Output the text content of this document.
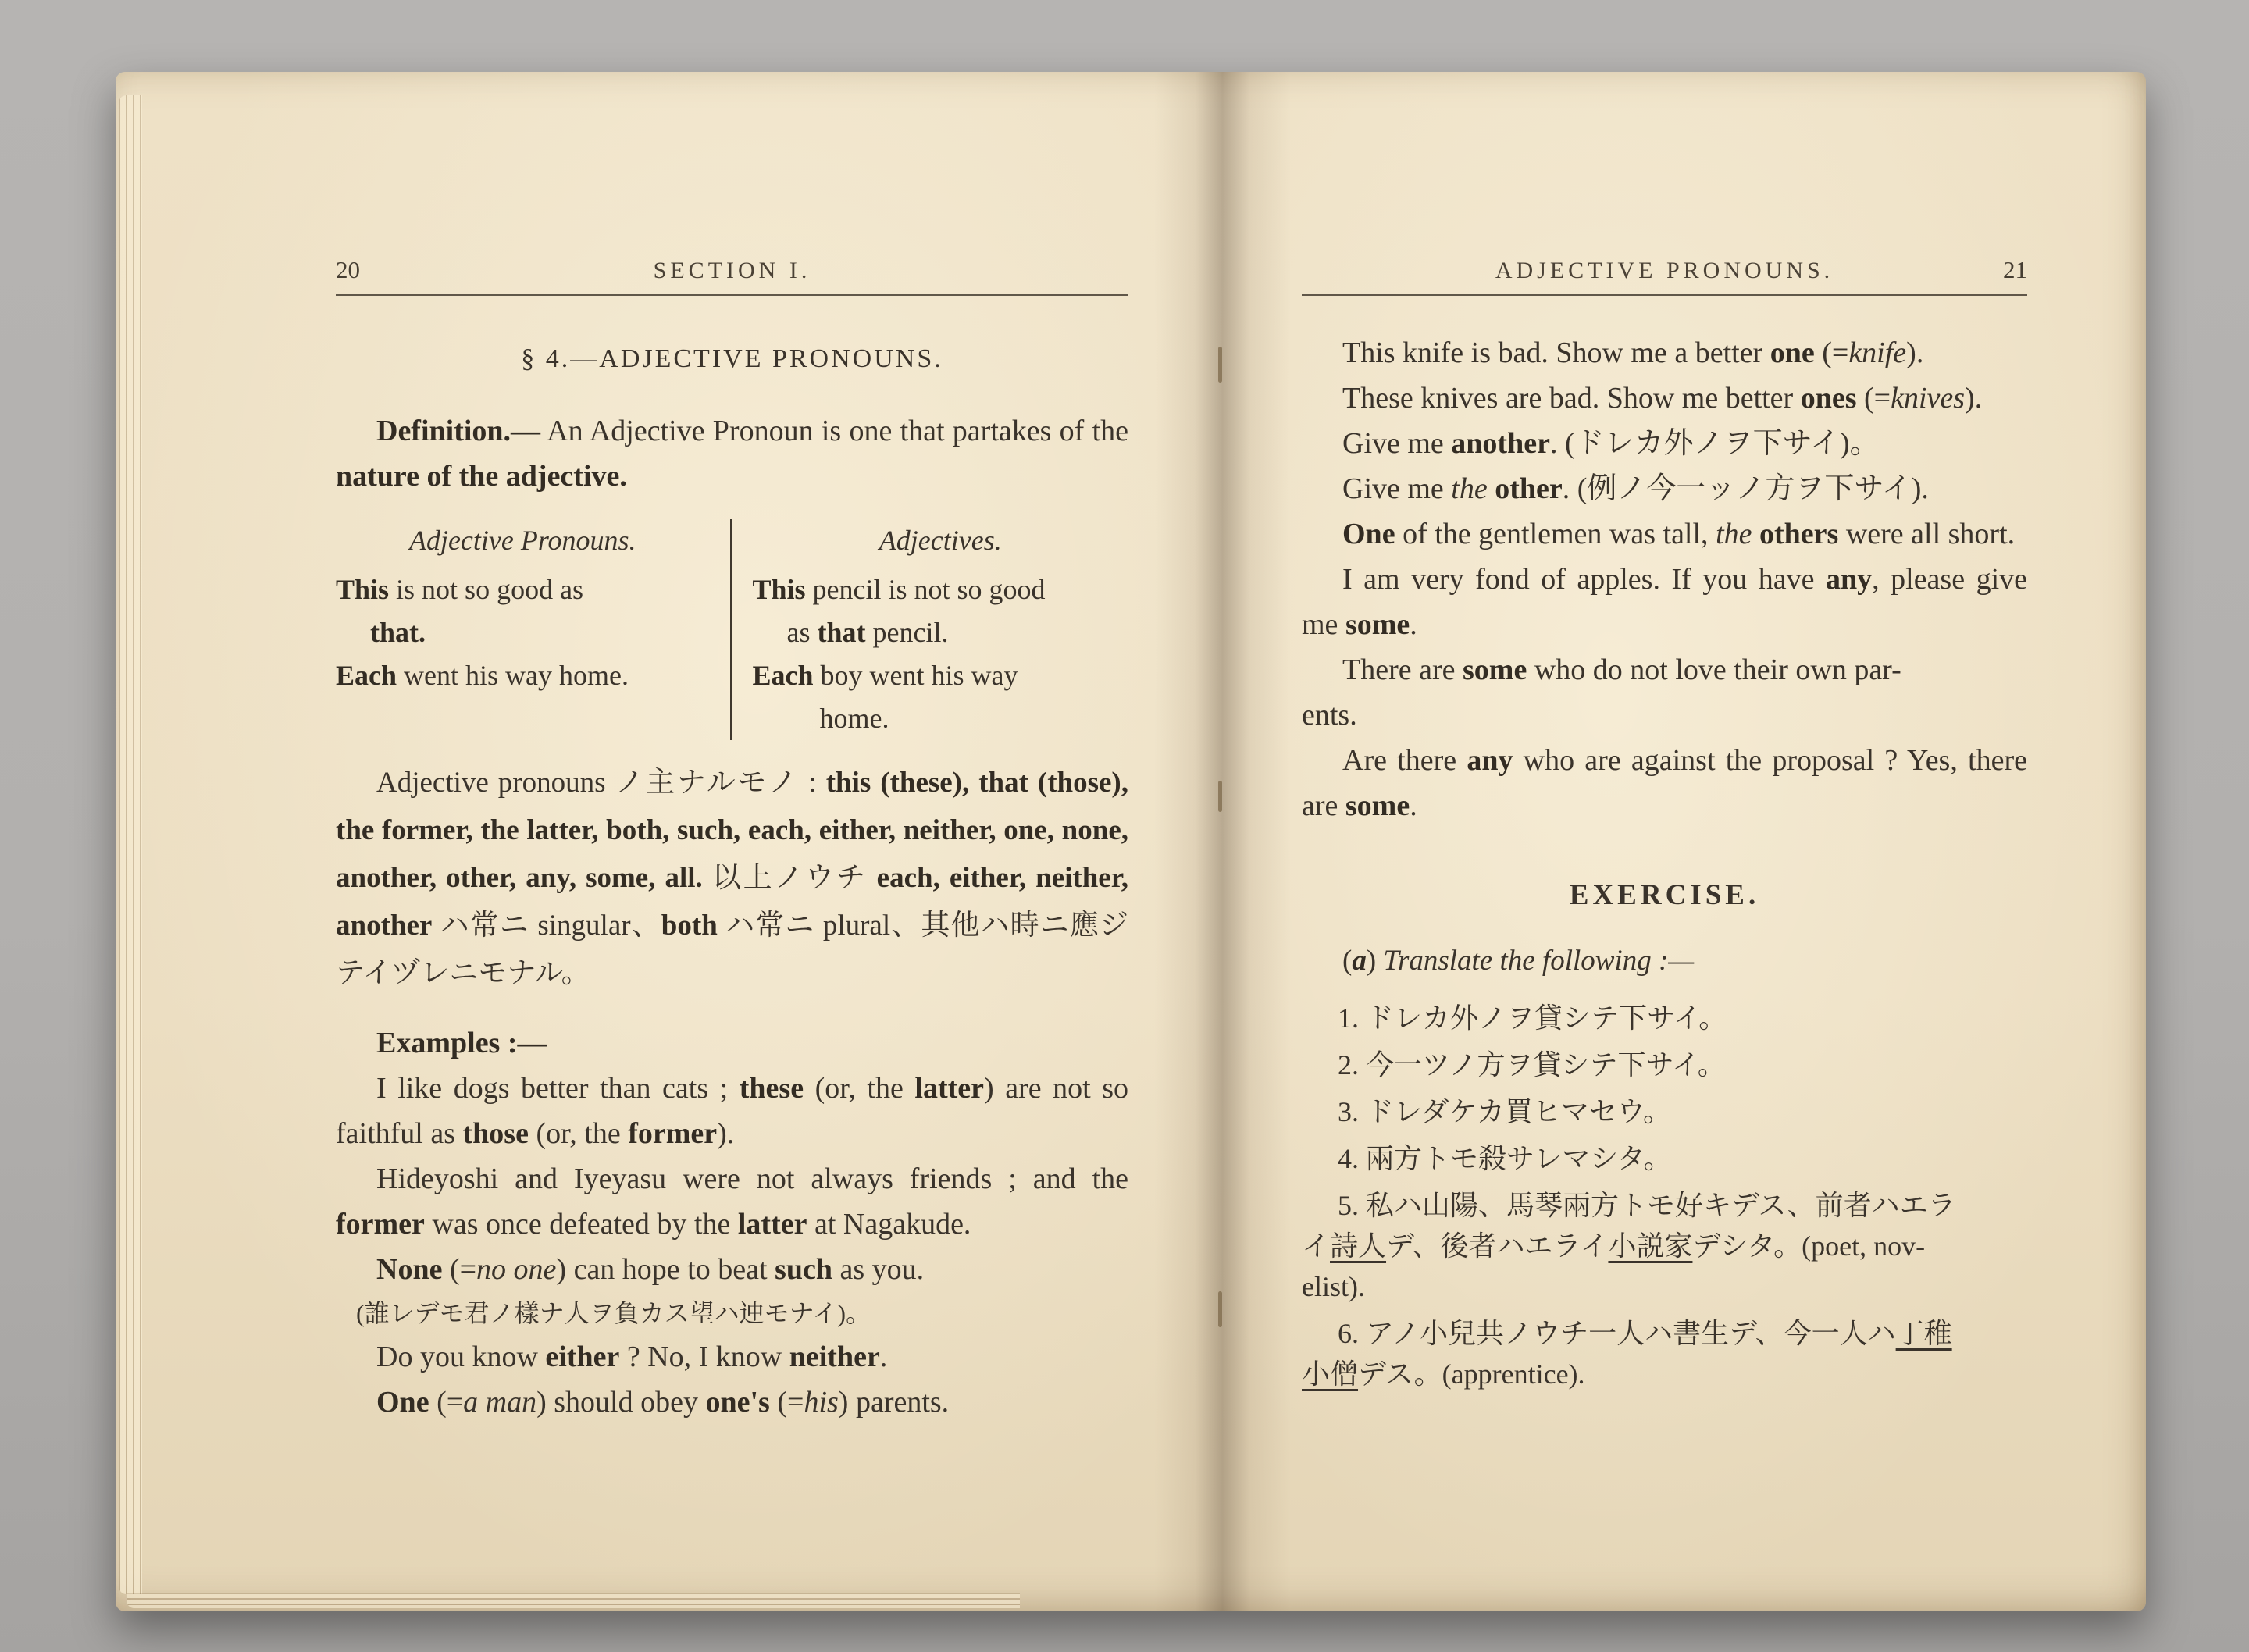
20	SECTION I.
§ 4.—ADJECTIVE PRONOUNS.

Definition.— An Adjective Pronoun is one that partakes of the nature of the adjective.

Adjective Pronouns.

This is not so good as

that.

Each went his way home.

Adjectives.

This pencil is not so good

as that pencil.

Each boy went his way

home.

Adjective pronouns ノ主ナルモノ : this (these), that (those), the former, the latter, both, such, each, either, neither, one, none, another, other, any, some, all. 以上ノウチ each, either, neither, another ハ常ニ singular、both ハ常ニ plural、其他ハ時ニ應ジテイヅレニモナル。

Examples :—

I like dogs better than cats ; these (or, the latter) are not so faithful as those (or, the former).

Hideyoshi and Iyeyasu were not always friends ; and the former was once defeated by the latter at Nagakude.

None (=no one) can hope to beat such as you.

(誰レデモ君ノ樣ナ人ヲ負カス望ハ迚モナイ)。

Do you know either ? No, I know neither.

One (=a man) should obey one's (=his) parents.

ADJECTIVE PRONOUNS.	21

This knife is bad. Show me a better one (=knife).

These knives are bad. Show me better ones (=knives).

Give me another. (ドレカ外ノヲ下サイ)。

Give me the other. (例ノ今一ッノ方ヲ下サイ).

One of the gentlemen was tall, the others were all short.

I am very fond of apples. If you have any, please give me some.

There are some who do not love their own par-
ents.

Are there any who are against the proposal ? Yes, there are some.

EXERCISE.

(a) Translate the following :—

1. ドレカ外ノヲ貸シテ下サイ。

2. 今一ツノ方ヲ貸シテ下サイ。

3. ドレダケカ買ヒマセウ。

4. 兩方トモ殺サレマシタ。

5. 私ハ山陽、馬琴兩方トモ好キデス、前者ハエラ
イ詩人デ、後者ハエライ小説家デシタ。(poet, nov-
elist).

6. アノ小兒共ノウチ一人ハ書生デ、今一人ハ丁稚
小僧デス。(apprentice).
